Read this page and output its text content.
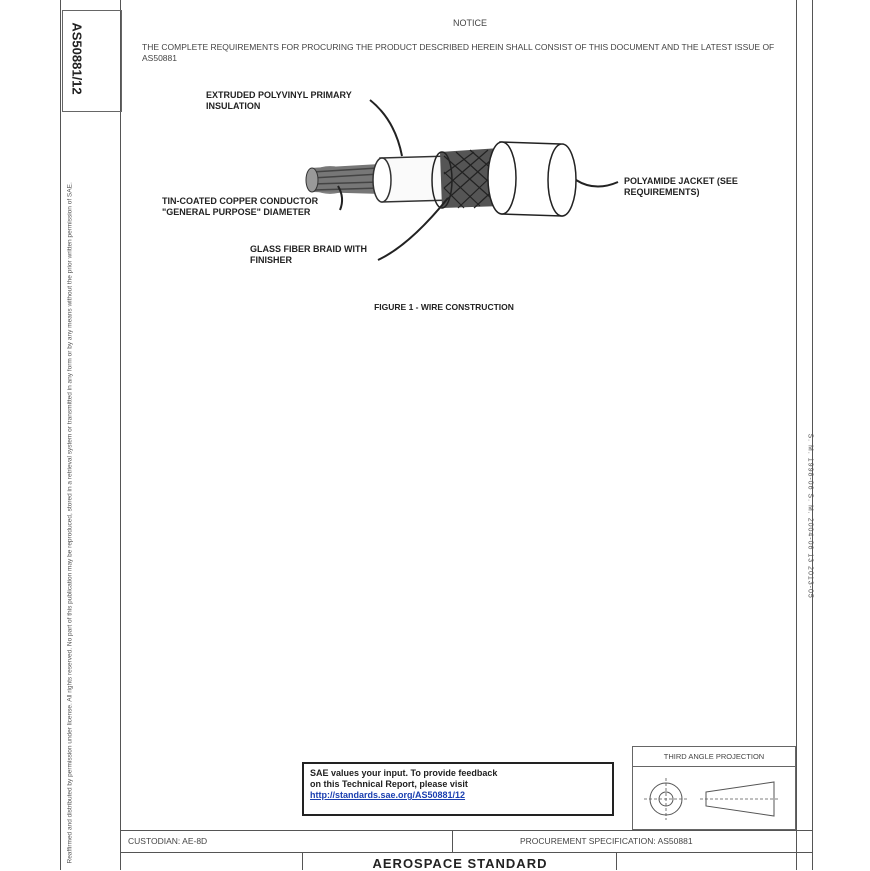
AS50881/12
Reaffirmed and distributed by permission under license. All rights reserved. No part of this publication may be reproduced, stored in a retrieval system or transmitted in any form or by any means without the prior written permission of SAE.	S. M. 1998-06 S. M. 2004-06 13 2013-05
NOTICE
THE COMPLETE REQUIREMENTS FOR PROCURING THE PRODUCT DESCRIBED HEREIN SHALL CONSIST OF THIS DOCUMENT AND THE LATEST ISSUE OF AS50881
EXTRUDED POLYVINYL PRIMARY INSULATION
TIN-COATED COPPER CONDUCTOR "GENERAL PURPOSE" DIAMETER
GLASS FIBER BRAID WITH FINISHER
POLYAMIDE JACKET (SEE REQUIREMENTS)
FIGURE 1 - WIRE CONSTRUCTION
THIRD ANGLE PROJECTION
SAE values your input. To provide feedback
on this Technical Report, please visit
http://standards.sae.org/AS50881/12
CUSTODIAN: AE-8D	PROCUREMENT SPECIFICATION: AS50881
AEROSPACE STANDARD
